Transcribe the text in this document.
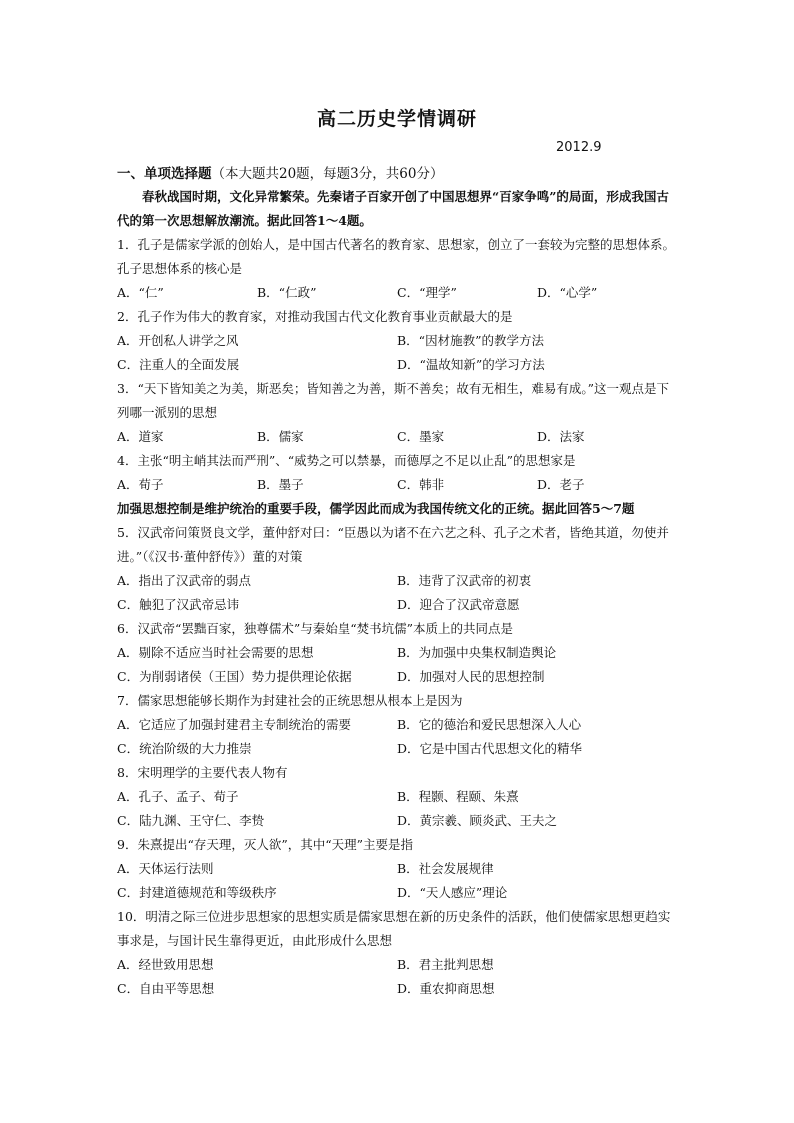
高二历史学情调研
2012.9
一、单项选择题（本大题共20题，每题3分，共60分）
春秋战国时期，文化异常繁荣。先秦诸子百家开创了中国思想界“百家争鸣”的局面，形成我国古代的第一次思想解放潮流。据此回答1～4题。
1．孔子是儒家学派的创始人，是中国古代著名的教育家、思想家，创立了一套较为完整的思想体系。孔子思想体系的核心是
A．“仁”	B．“仁政”	C．“理学”	D．“心学”
2．孔子作为伟大的教育家，对推动我国古代文化教育事业贡献最大的是
A．开创私人讲学之风	B．“因材施教”的教学方法
C．注重人的全面发展	D．“温故知新”的学习方法
3．“天下皆知美之为美，斯恶矣；皆知善之为善，斯不善矣；故有无相生，难易有成。”这一观点是下列哪一派别的思想
A．道家	B．儒家	C．墨家	D．法家
4．主张“明主峭其法而严刑”、“威势之可以禁暴，而德厚之不足以止乱”的思想家是
A．荀子	B．墨子	C．韩非	D．老子
加强思想控制是维护统治的重要手段，儒学因此而成为我国传统文化的正统。据此回答5～7题
5．汉武帝问策贤良文学，董仲舒对曰：“臣愚以为诸不在六艺之科、孔子之术者，皆绝其道，勿使并进。”（《汉书·董仲舒传》）董的对策
A．指出了汉武帝的弱点	B．违背了汉武帝的初衷
C．触犯了汉武帝忌讳	D．迎合了汉武帝意愿
6．汉武帝“罢黜百家，独尊儒术”与秦始皇“焚书坑儒”本质上的共同点是
A．剔除不适应当时社会需要的思想	B．为加强中央集权制造舆论
C．为削弱诸侯（王国）势力提供理论依据	D．加强对人民的思想控制
7．儒家思想能够长期作为封建社会的正统思想从根本上是因为
A．它适应了加强封建君主专制统治的需要	B．它的德治和爱民思想深入人心
C．统治阶级的大力推崇	D．它是中国古代思想文化的精华
8．宋明理学的主要代表人物有
A．孔子、孟子、荀子	B．程颢、程颐、朱熹
C．陆九渊、王守仁、李贽	D．黄宗羲、顾炎武、王夫之
9．朱熹提出“存天理，灭人欲”，其中“天理”主要是指
A．天体运行法则	B．社会发展规律
C．封建道德规范和等级秩序	D．“天人感应”理论
10．明清之际三位进步思想家的思想实质是儒家思想在新的历史条件的活跃，他们使儒家思想更趋实事求是，与国计民生靠得更近，由此形成什么思想
A．经世致用思想	B．君主批判思想
C．自由平等思想	D．重农抑商思想
